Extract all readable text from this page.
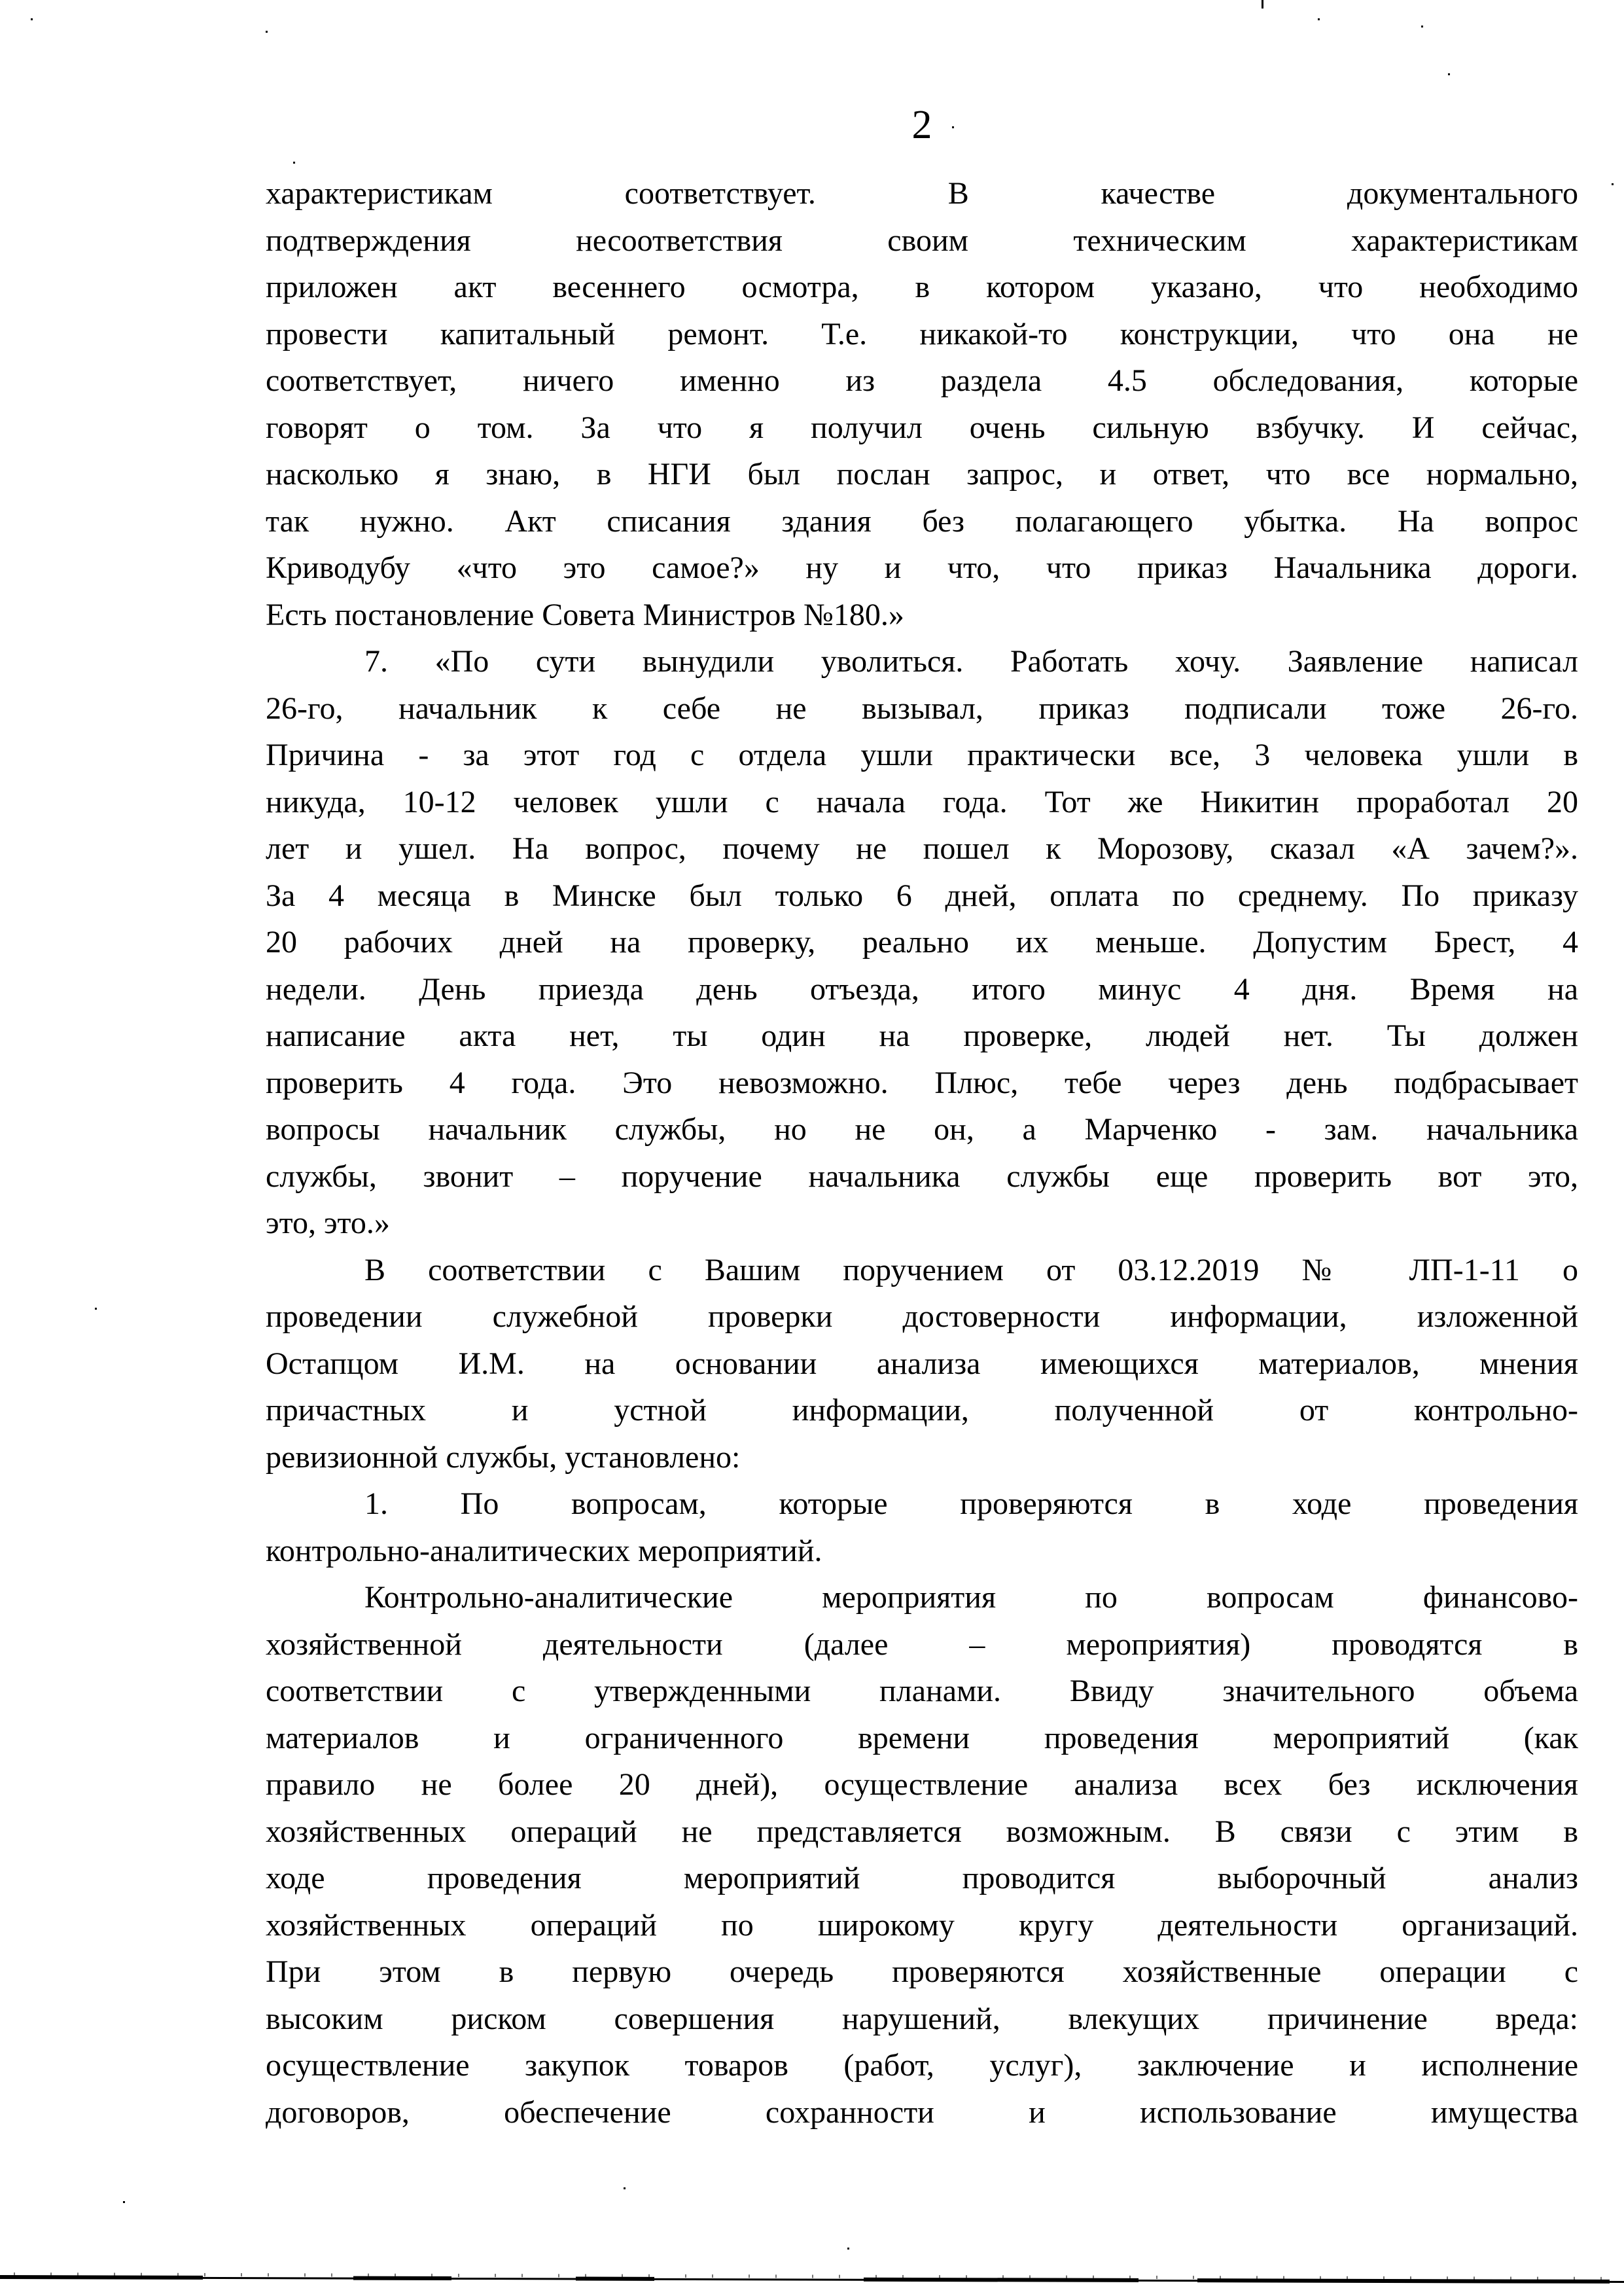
2
характеристикам соответствует. В качестве документального
подтверждения несоответствия своим техническим характеристикам
приложен акт весеннего осмотра, в котором указано, что необходимо
провести капитальный ремонт. Т.е. никакой-то конструкции, что она не
соответствует, ничего именно из раздела 4.5 обследования, которые
говорят о том. За что я получил очень сильную взбучку. И сейчас,
насколько я знаю, в НГИ был послан запрос, и ответ, что все нормально,
так нужно. Акт списания здания без полагающего убытка. На вопрос
Криводубу «что это самое?» ну и что, что приказ Начальника дороги.
Есть постановление Совета Министров №180.»
7. «По сути вынудили уволиться. Работать хочу. Заявление написал
26-го, начальник к себе не вызывал, приказ подписали тоже 26-го.
Причина - за этот год с отдела ушли практически все, 3 человека ушли в
никуда, 10-12 человек ушли с начала года. Тот же Никитин проработал 20
лет и ушел. На вопрос, почему не пошел к Морозову, сказал «А зачем?».
За 4 месяца в Минске был только 6 дней, оплата по среднему. По приказу
20 рабочих дней на проверку, реально их меньше. Допустим Брест, 4
недели. День приезда день отъезда, итого минус 4 дня. Время на
написание акта нет, ты один на проверке, людей нет. Ты должен
проверить 4 года. Это невозможно. Плюс, тебе через день подбрасывает
вопросы начальник службы, но не он, а Марченко - зам. начальника
службы, звонит – поручение начальника службы еще проверить вот это,
это, это.»
В соответствии с Вашим поручением от 03.12.2019 № ЛП-1-11 о
проведении служебной проверки достоверности информации, изложенной
Остапцом И.М. на основании анализа имеющихся материалов, мнения
причастных и устной информации, полученной от контрольно-
ревизионной службы, установлено:
1. По вопросам, которые проверяются в ходе проведения
контрольно-аналитических мероприятий.
Контрольно-аналитические мероприятия по вопросам финансово-
хозяйственной деятельности (далее – мероприятия) проводятся в
соответствии с утвержденными планами. Ввиду значительного объема
материалов и ограниченного времени проведения мероприятий (как
правило не более 20 дней), осуществление анализа всех без исключения
хозяйственных операций не представляется возможным. В связи с этим в
ходе проведения мероприятий проводится выборочный анализ
хозяйственных операций по широкому кругу деятельности организаций.
При этом в первую очередь проверяются хозяйственные операции с
высоким риском совершения нарушений, влекущих причинение вреда:
осуществление закупок товаров (работ, услуг), заключение и исполнение
договоров, обеспечение сохранности и использование имущества
